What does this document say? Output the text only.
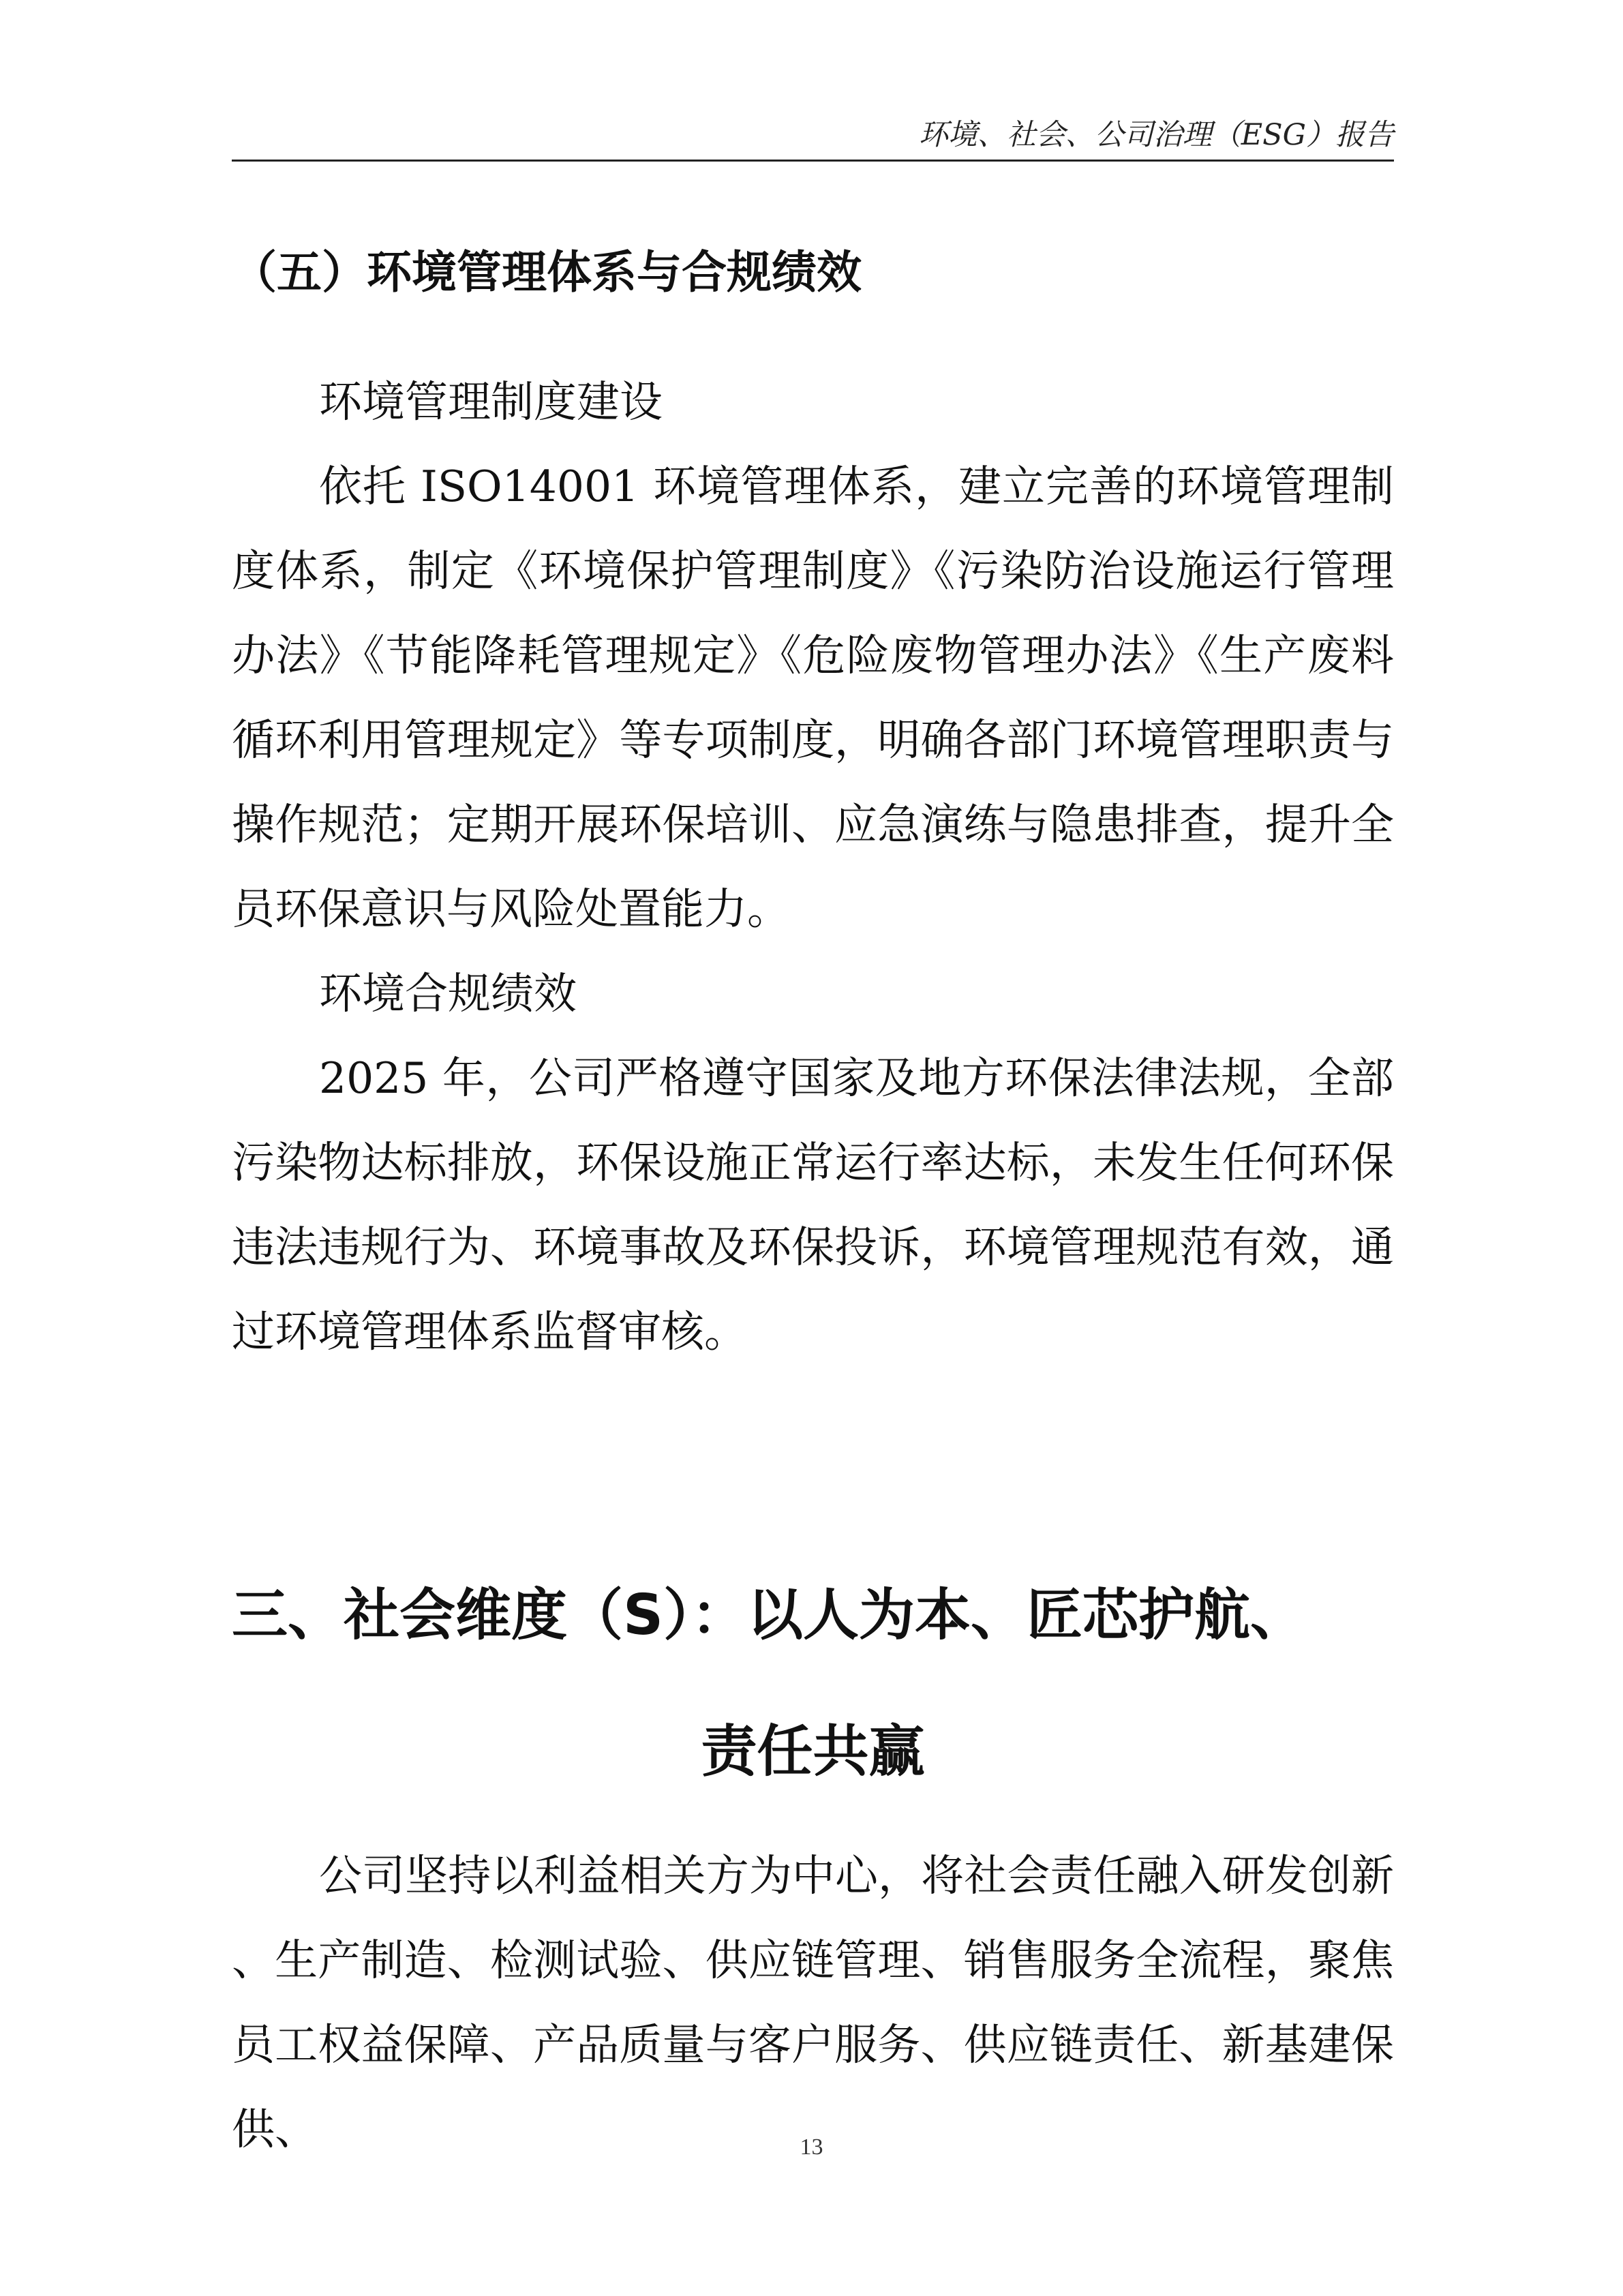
环境、社会、公司治理（ESG）报告
（五）环境管理体系与合规绩效

环境管理制度建设

依托 ISO14001 环境管理体系，建立完善的环境管理制度体系，制定《环境保护管理制度》《污染防治设施运行管理办法》《节能降耗管理规定》《危险废物管理办法》《生产废料循环利用管理规定》等专项制度，明确各部门环境管理职责与操作规范；定期开展环保培训、应急演练与隐患排查，提升全员环保意识与风险处置能力。

环境合规绩效

2025 年，公司严格遵守国家及地方环保法律法规，全部污染物达标排放，环保设施正常运行率达标，未发生任何环保违法违规行为、环境事故及环保投诉，环境管理规范有效，通过环境管理体系监督审核。

三、社会维度（S）：以人为本、匠芯护航、
责任共赢

公司坚持以利益相关方为中心，将社会责任融入研发创新、生产制造、检测试验、供应链管理、销售服务全流程，聚焦员工权益保障、产品质量与客户服务、供应链责任、新基建保供、	13
